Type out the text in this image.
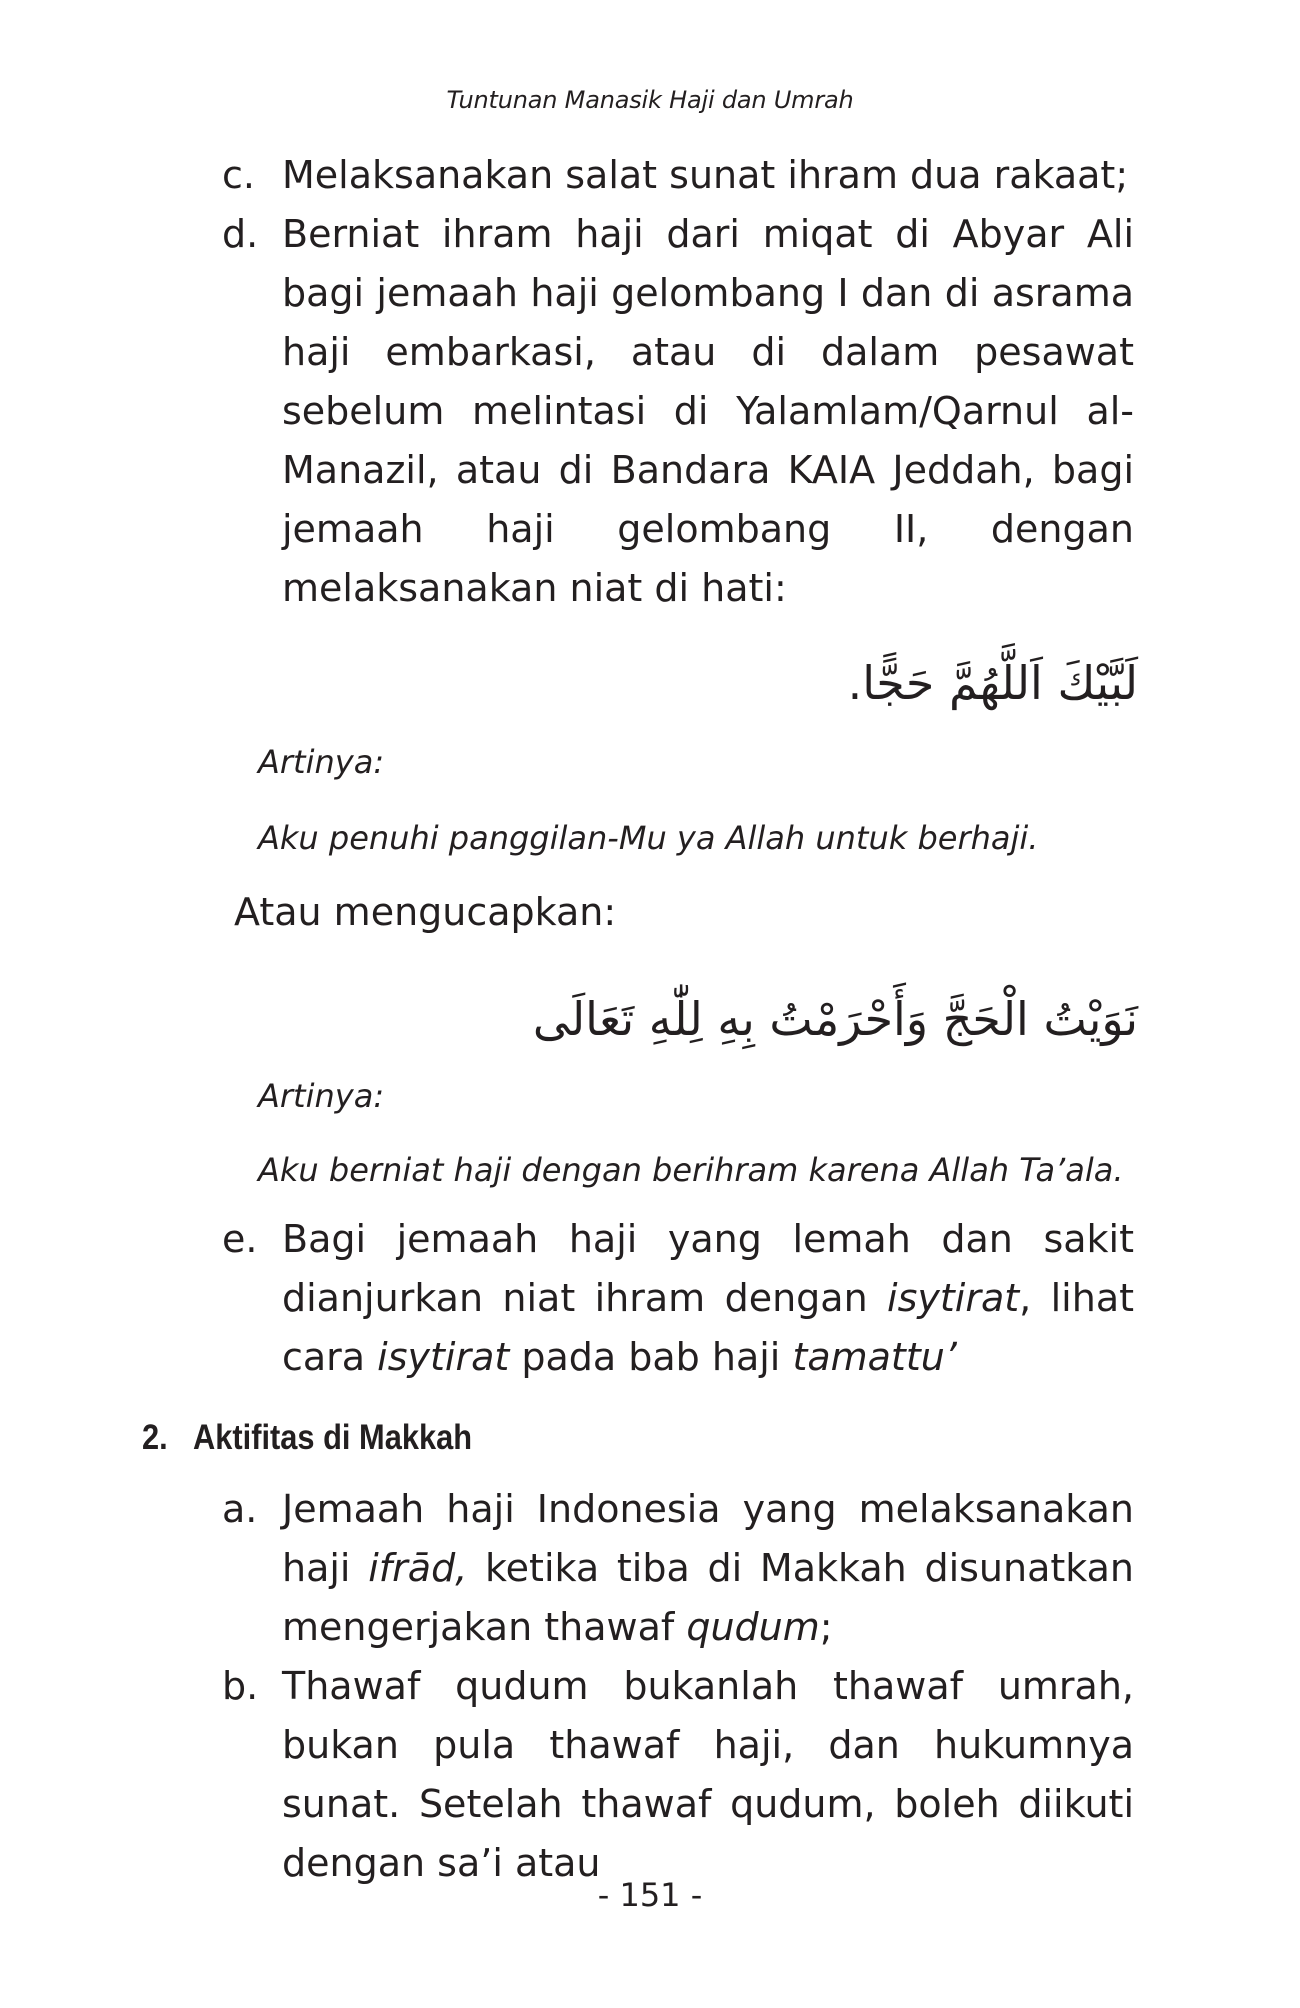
Tuntunan Manasik Haji dan Umrah
c. Melaksanakan salat sunat ihram dua rakaat;
d. Berniat ihram haji dari miqat di Abyar Ali bagi jemaah haji gelombang I dan di asrama haji embarkasi, atau di dalam pesawat sebelum melintasi di Yalamlam/Qarnul al-Manazil, atau di Bandara KAIA Jeddah, bagi jemaah haji gelombang II, dengan melaksanakan niat di hati:
لَبَّيْكَ اَللَّهُمَّ حَجًّا.
Artinya:
Aku penuhi panggilan-Mu ya Allah untuk berhaji.
Atau mengucapkan:
نَوَيْتُ الْحَجَّ وَأَحْرَمْتُ بِهِ لِلّٰهِ تَعَالَى
Artinya:
Aku berniat haji dengan berihram karena Allah Ta’ala.
e. Bagi jemaah haji yang lemah dan sakit dianjurkan niat ihram dengan isytirat, lihat cara isytirat pada bab haji tamattu’
2. Aktifitas di Makkah
a. Jemaah haji Indonesia yang melaksanakan haji ifrād, ketika tiba di Makkah disunatkan mengerjakan thawaf qudum;
b. Thawaf qudum bukanlah thawaf umrah, bukan pula thawaf haji, dan hukumnya sunat. Setelah thawaf qudum, boleh diikuti dengan sa’i atau
- 151 -
